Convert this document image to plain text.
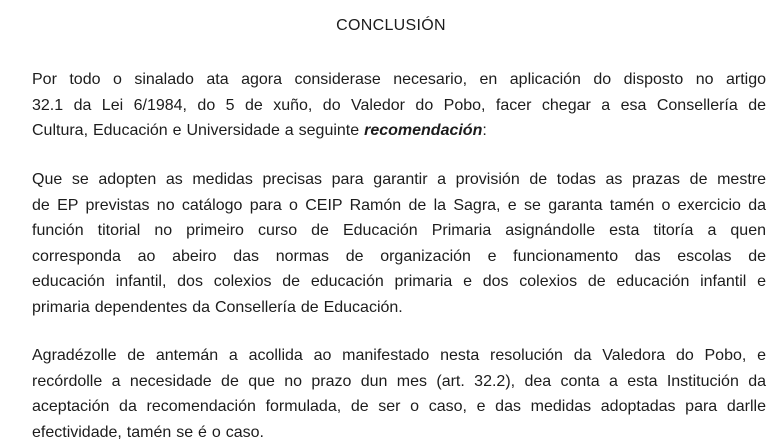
CONCLUSIÓN
Por todo o sinalado ata agora considerase necesario, en aplicación do disposto no artigo
32.1 da Lei 6/1984, do 5 de xuño, do Valedor do Pobo, facer chegar a esa Consellería de
Cultura, Educación e Universidade a seguinte recomendación:
Que se adopten as medidas precisas para garantir a provisión de todas as prazas de mestre
de EP previstas no catálogo para o CEIP Ramón de la Sagra, e se garanta tamén o exercicio da
función titorial no primeiro curso de Educación Primaria asignándolle esta titoría a quen
corresponda ao abeiro das normas de organización e funcionamento das escolas de
educación infantil, dos colexios de educación primaria e dos colexios de educación infantil e
primaria dependentes da Consellería de Educación.
Agradézolle de antemán a acollida ao manifestado nesta resolución da Valedora do Pobo, e
recórdolle a necesidade de que no prazo dun mes (art. 32.2), dea conta a esta Institución da
aceptación da recomendación formulada, de ser o caso, e das medidas adoptadas para darlle
efectividade, tamén se é o caso.
